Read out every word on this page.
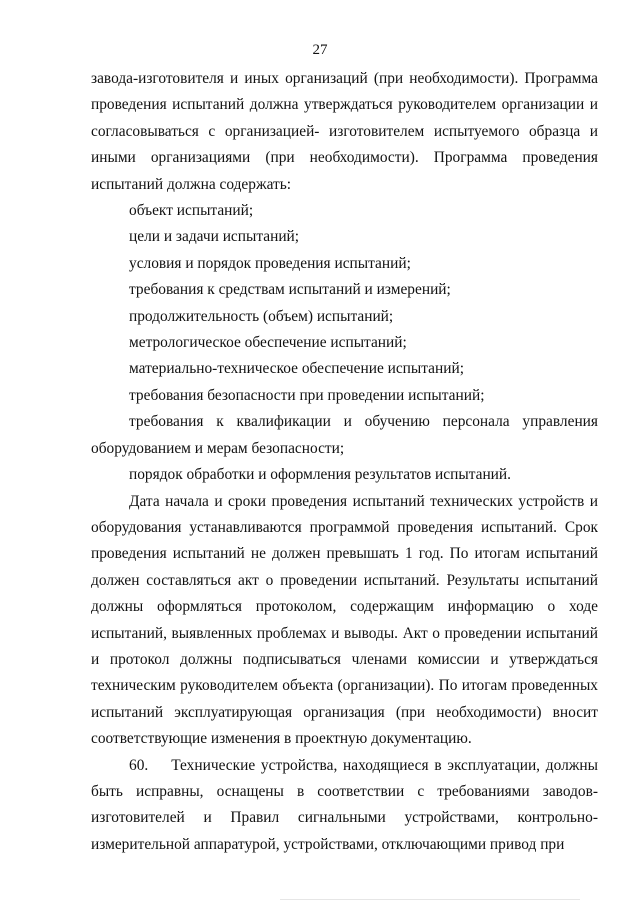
27

завода-изготовителя и иных организаций (при необходимости). Программа проведения испытаний должна утверждаться руководителем организации и согласовываться с организацией- изготовителем испытуемого образца и иными организациями (при необходимости). Программа проведения испытаний должна содержать:

объект испытаний;

цели и задачи испытаний;

условия и порядок проведения испытаний;

требования к средствам испытаний и измерений;

продолжительность (объем) испытаний;

метрологическое обеспечение испытаний;

материально-техническое обеспечение испытаний;

требования безопасности при проведении испытаний;

требования к квалификации и обучению персонала управления оборудованием и мерам безопасности;

порядок обработки и оформления результатов испытаний.

Дата начала и сроки проведения испытаний технических устройств и оборудования устанавливаются программой проведения испытаний. Срок проведения испытаний не должен превышать 1 год. По итогам испытаний должен составляться акт о проведении испытаний. Результаты испытаний должны оформляться протоколом, содержащим информацию о ходе испытаний, выявленных проблемах и выводы. Акт о проведении испытаний и протокол должны подписываться членами комиссии и утверждаться техническим руководителем объекта (организации). По итогам проведенных испытаний эксплуатирующая организация (при необходимости) вносит соответствующие изменения в проектную документацию.

60.    Технические устройства, находящиеся в эксплуатации, должны быть исправны, оснащены в соответствии с требованиями заводов-изготовителей и Правил сигнальными устройствами, контрольно-измерительной аппаратурой, устройствами, отключающими привод при
